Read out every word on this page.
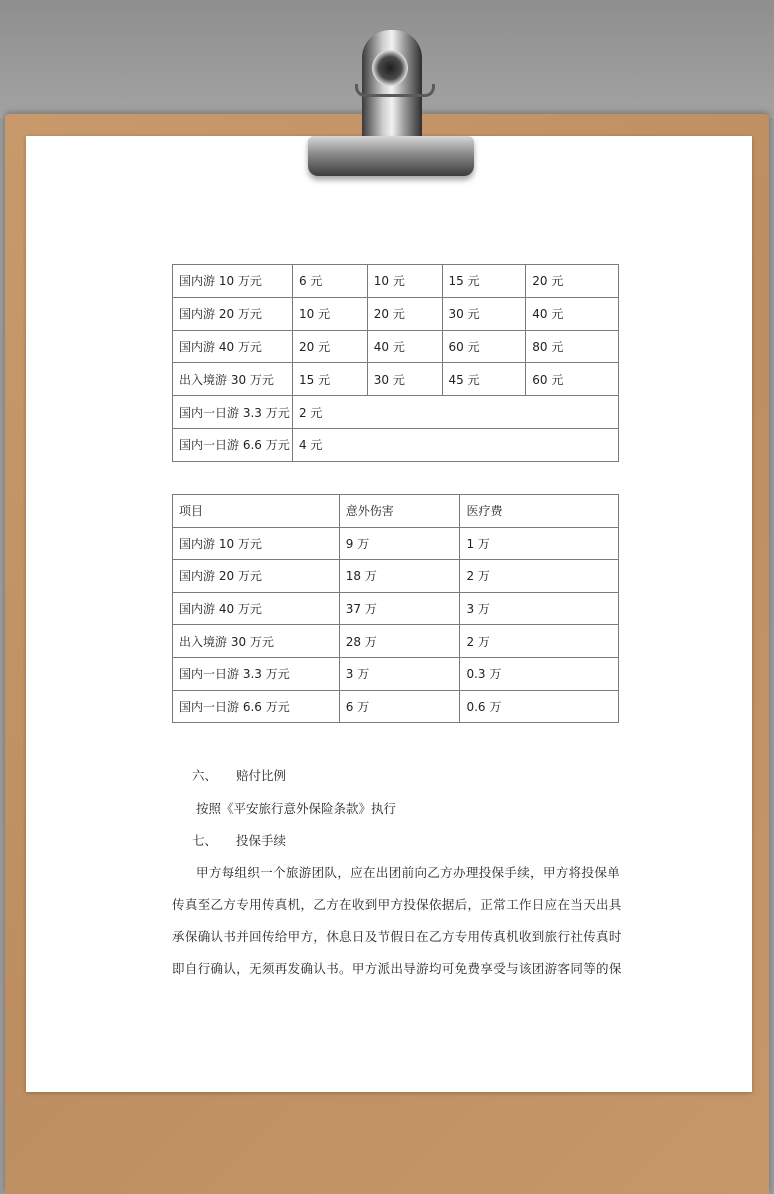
国内游 10 万元	6 元	10 元	15 元	20 元
国内游 20 万元	10 元	20 元	30 元	40 元
国内游 40 万元	20 元	40 元	60 元	80 元
出入境游 30 万元	15 元	30 元	45 元	60 元
国内一日游 3.3 万元	2 元			
国内一日游 6.6 万元	4 元			
项目	意外伤害	医疗费
国内游 10 万元	9 万	1 万
国内游 20 万元	18 万	2 万
国内游 40 万元	37 万	3 万
出入境游 30 万元	28 万	2 万
国内一日游 3.3 万元	3 万	0.3 万
国内一日游 6.6 万元	6 万	0.6 万
六、 赔付比例
按照《平安旅行意外保险条款》执行
七、 投保手续
甲方每组织一个旅游团队，应在出团前向乙方办理投保手续，甲方将投保单
传真至乙方专用传真机，乙方在收到甲方投保依据后，正常工作日应在当天出具
承保确认书并回传给甲方，休息日及节假日在乙方专用传真机收到旅行社传真时
即自行确认，无须再发确认书。甲方派出导游均可免费享受与该团游客同等的保
